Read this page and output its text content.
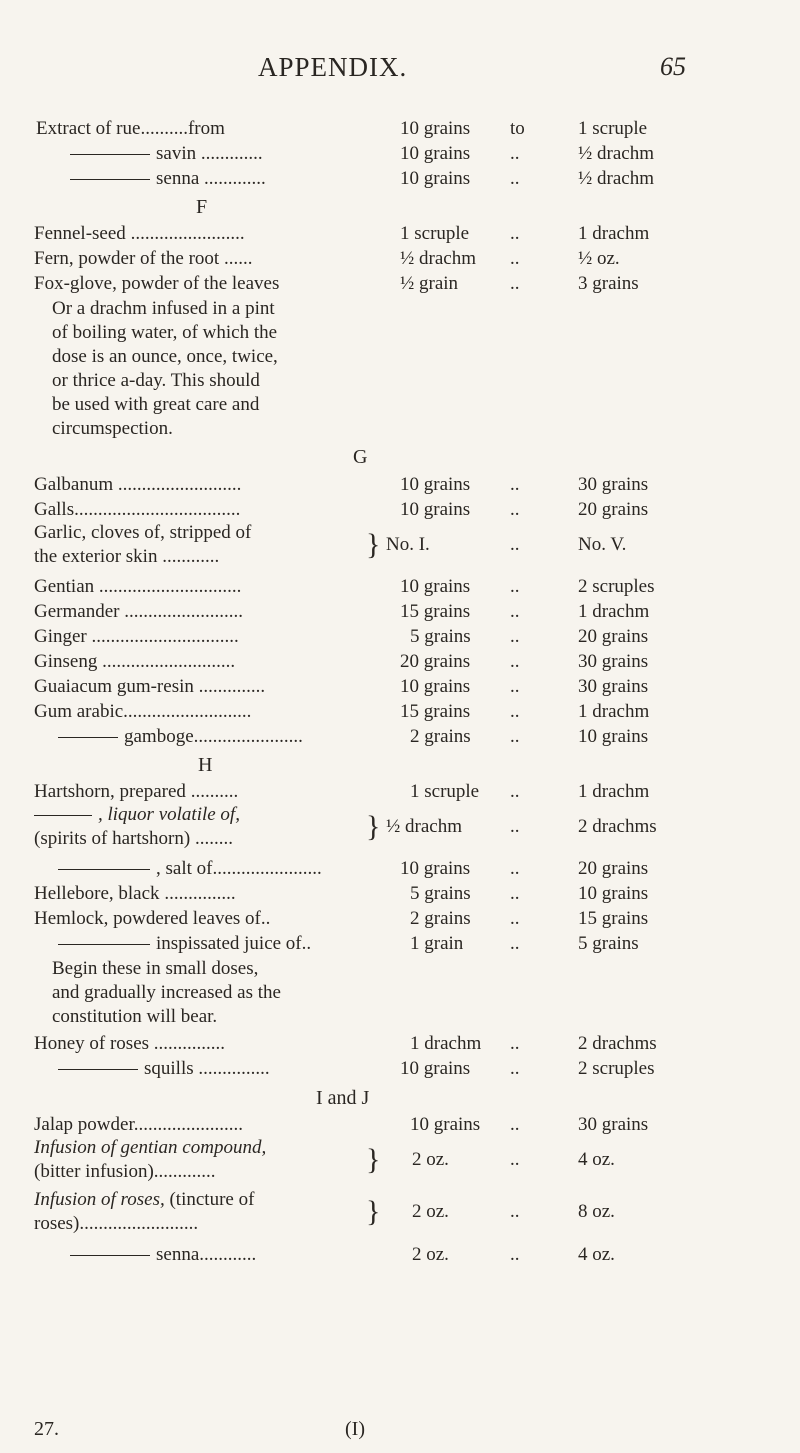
APPENDIX.	65
Extract of rue..........from	10 grains to	1 scruple
savin .............	10 grains ..	½ drachm
senna .............	10 grains ..	½ drachm
F
Fennel-seed ........................	1 scruple ..	1 drachm
Fern, powder of the root ......	½ drachm ..	½ oz.
Fox-glove, powder of the leaves	½ grain	..	3 grains
Or a drachm infused in a pint
of boiling water, of which the
dose is an ounce, once, twice,
or thrice a-day. This should
be used with great care and
circumspection.
G
Galbanum ..........................	10 grains ..	30 grains
Galls...................................	10 grains ..	20 grains
Garlic, cloves of, stripped of
the exterior skin ............	} No. I.	..	No. V.
Gentian ..............................	10 grains ..	2 scruples
Germander .........................	15 grains ..	1 drachm
Ginger ...............................	5 grains ..	20 grains
Ginseng ............................	20 grains ..	30 grains
Guaiacum gum-resin ..............	10 grains ..	30 grains
Gum arabic...........................	15 grains ..	1 drachm
gamboge.......................	2 grains ..	10 grains
H
Hartshorn, prepared ..........	1 scruple ..	1 drachm
, liquor volatile of,
(spirits of hartshorn) ........	} ½ drachm	..	2 drachms
, salt of.......................	10 grains ..	20 grains
Hellebore, black ...............	5 grains ..	10 grains
Hemlock, powdered leaves of..	2 grains ..	15 grains
inspissated juice of..	1 grain ..	5 grains
Begin these in small doses,
and gradually increased as the
constitution will bear.
Honey of roses ...............	1 drachm ..	2 drachms
squills ...............	10 grains ..	2 scruples
I and J
Jalap powder.......................	10 grains ..	30 grains
Infusion of gentian compound,
(bitter infusion).............	} 2 oz.	..	4 oz.
Infusion of roses, (tincture of
roses).........................	} 2 oz.	..	8 oz.
senna............	2 oz.	..	4 oz.
27.	(I)
